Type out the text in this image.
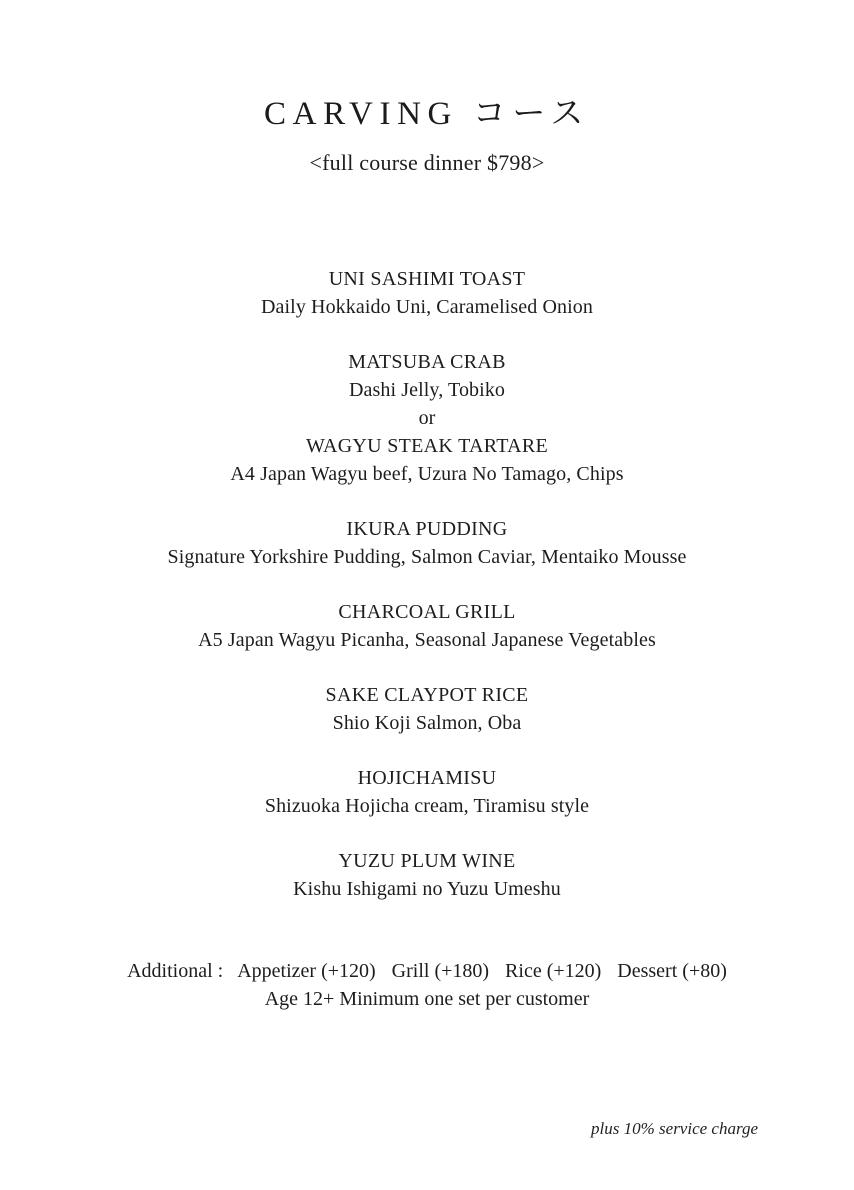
CARVING コース
<full course dinner $798>
UNI SASHIMI TOAST
Daily Hokkaido Uni, Caramelised Onion
MATSUBA CRAB
Dashi Jelly, Tobiko
or
WAGYU STEAK TARTARE
A4 Japan Wagyu beef, Uzura No Tamago, Chips
IKURA PUDDING
Signature Yorkshire Pudding, Salmon Caviar, Mentaiko Mousse
CHARCOAL GRILL
A5 Japan Wagyu Picanha, Seasonal Japanese Vegetables
SAKE CLAYPOT RICE
Shio Koji Salmon, Oba
HOJICHAMISU
Shizuoka Hojicha cream, Tiramisu style
YUZU PLUM WINE
Kishu Ishigami no Yuzu Umeshu
Additional : Appetizer (+120) Grill (+180) Rice (+120) Dessert (+80)
Age 12+ Minimum one set per customer
plus 10% service charge
